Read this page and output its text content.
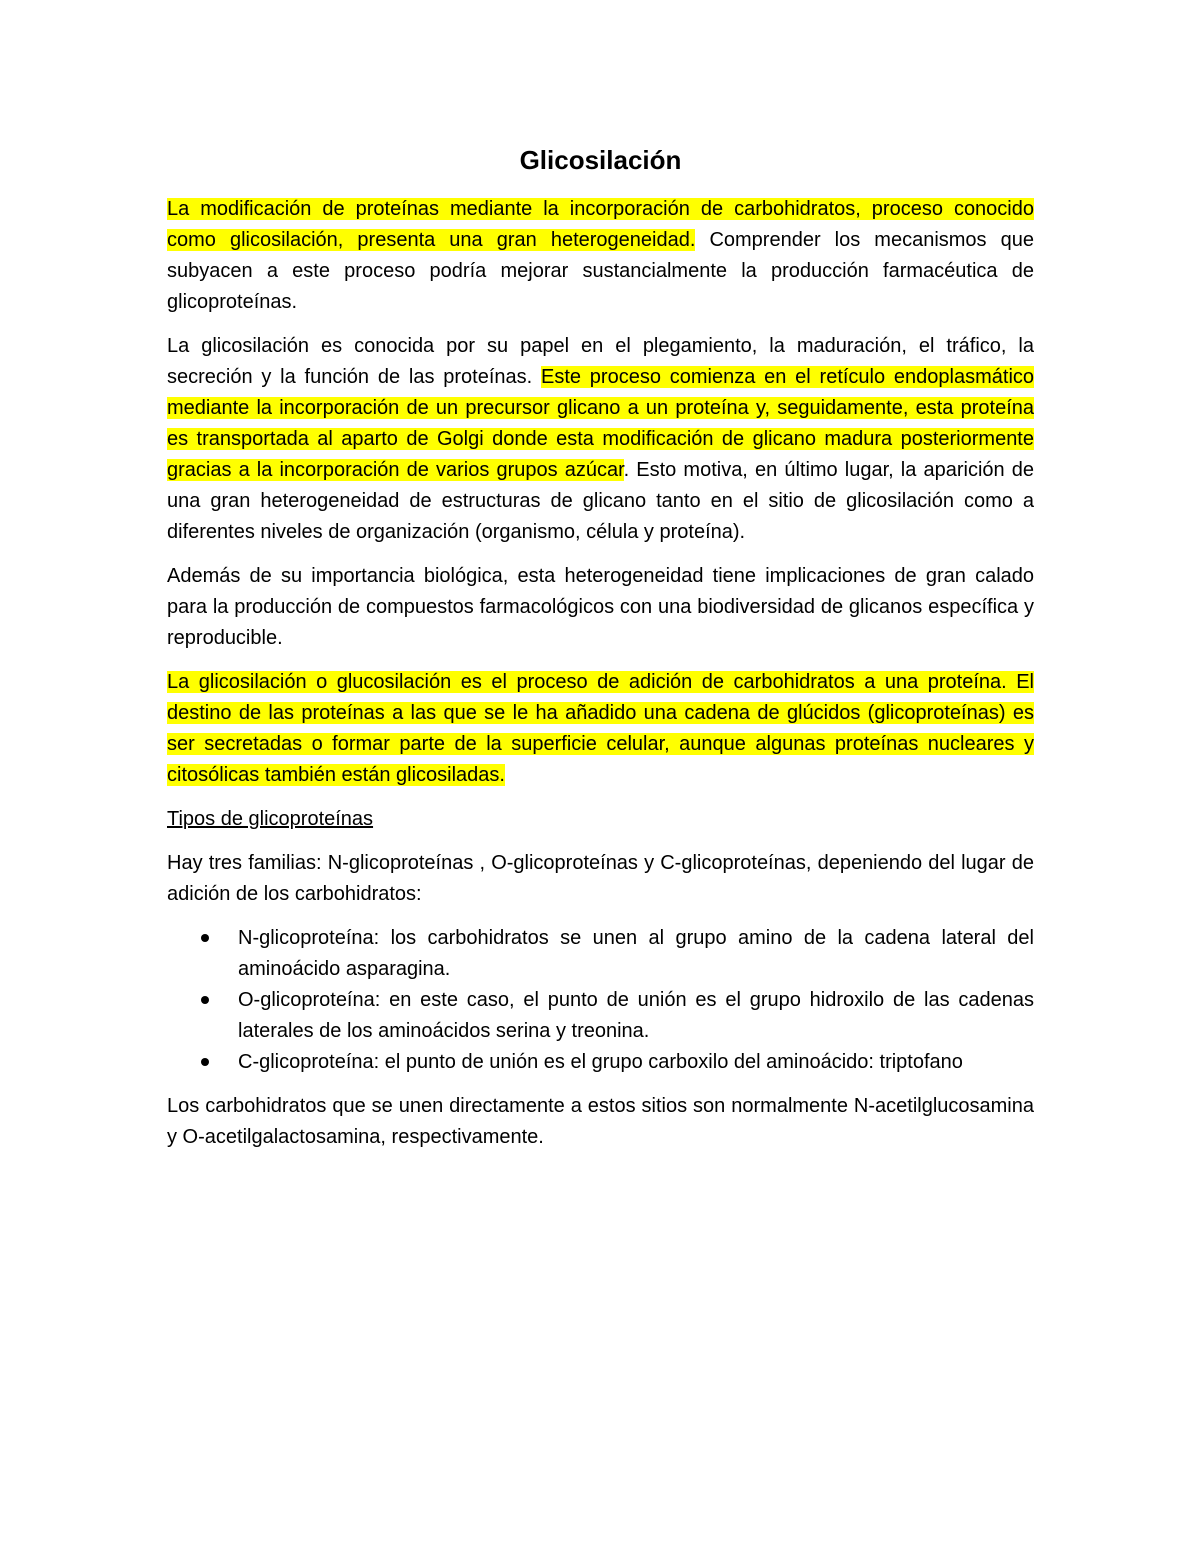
Glicosilación

La modificación de proteínas mediante la incorporación de carbohidratos, proceso conocido como glicosilación, presenta una gran heterogeneidad. Comprender los mecanismos que subyacen a este proceso podría mejorar sustancialmente la producción farmacéutica de glicoproteínas.

La glicosilación es conocida por su papel en el plegamiento, la maduración, el tráfico, la secreción y la función de las proteínas. Este proceso comienza en el retículo endoplasmático mediante la incorporación de un precursor glicano a un proteína y, seguidamente, esta proteína es transportada al aparto de Golgi donde esta modificación de glicano madura posteriormente gracias a la incorporación de varios grupos azúcar. Esto motiva, en último lugar, la aparición de una gran heterogeneidad de estructuras de glicano tanto en el sitio de glicosilación como a diferentes niveles de organización (organismo, célula y proteína).

Además de su importancia biológica, esta heterogeneidad tiene implicaciones de gran calado para la producción de compuestos farmacológicos con una biodiversidad de glicanos específica y reproducible.

La glicosilación o glucosilación es el proceso de adición de carbohidratos a una proteína. El destino de las proteínas a las que se le ha añadido una cadena de glúcidos (glicoproteínas) es ser secretadas o formar parte de la superficie celular, aunque algunas proteínas nucleares y citosólicas también están glicosiladas.

Tipos de glicoproteínas

Hay tres familias: N-glicoproteínas , O-glicoproteínas y C-glicoproteínas, depeniendo del lugar de adición de los carbohidratos:

N-glicoproteína: los carbohidratos se unen al grupo amino de la cadena lateral del aminoácido asparagina.
O-glicoproteína: en este caso, el punto de unión es el grupo hidroxilo de las cadenas laterales de los aminoácidos serina y treonina.
C-glicoproteína: el punto de unión es el grupo carboxilo del aminoácido: triptofano

Los carbohidratos que se unen directamente a estos sitios son normalmente N-acetilglucosamina y O-acetilgalactosamina, respectivamente.
